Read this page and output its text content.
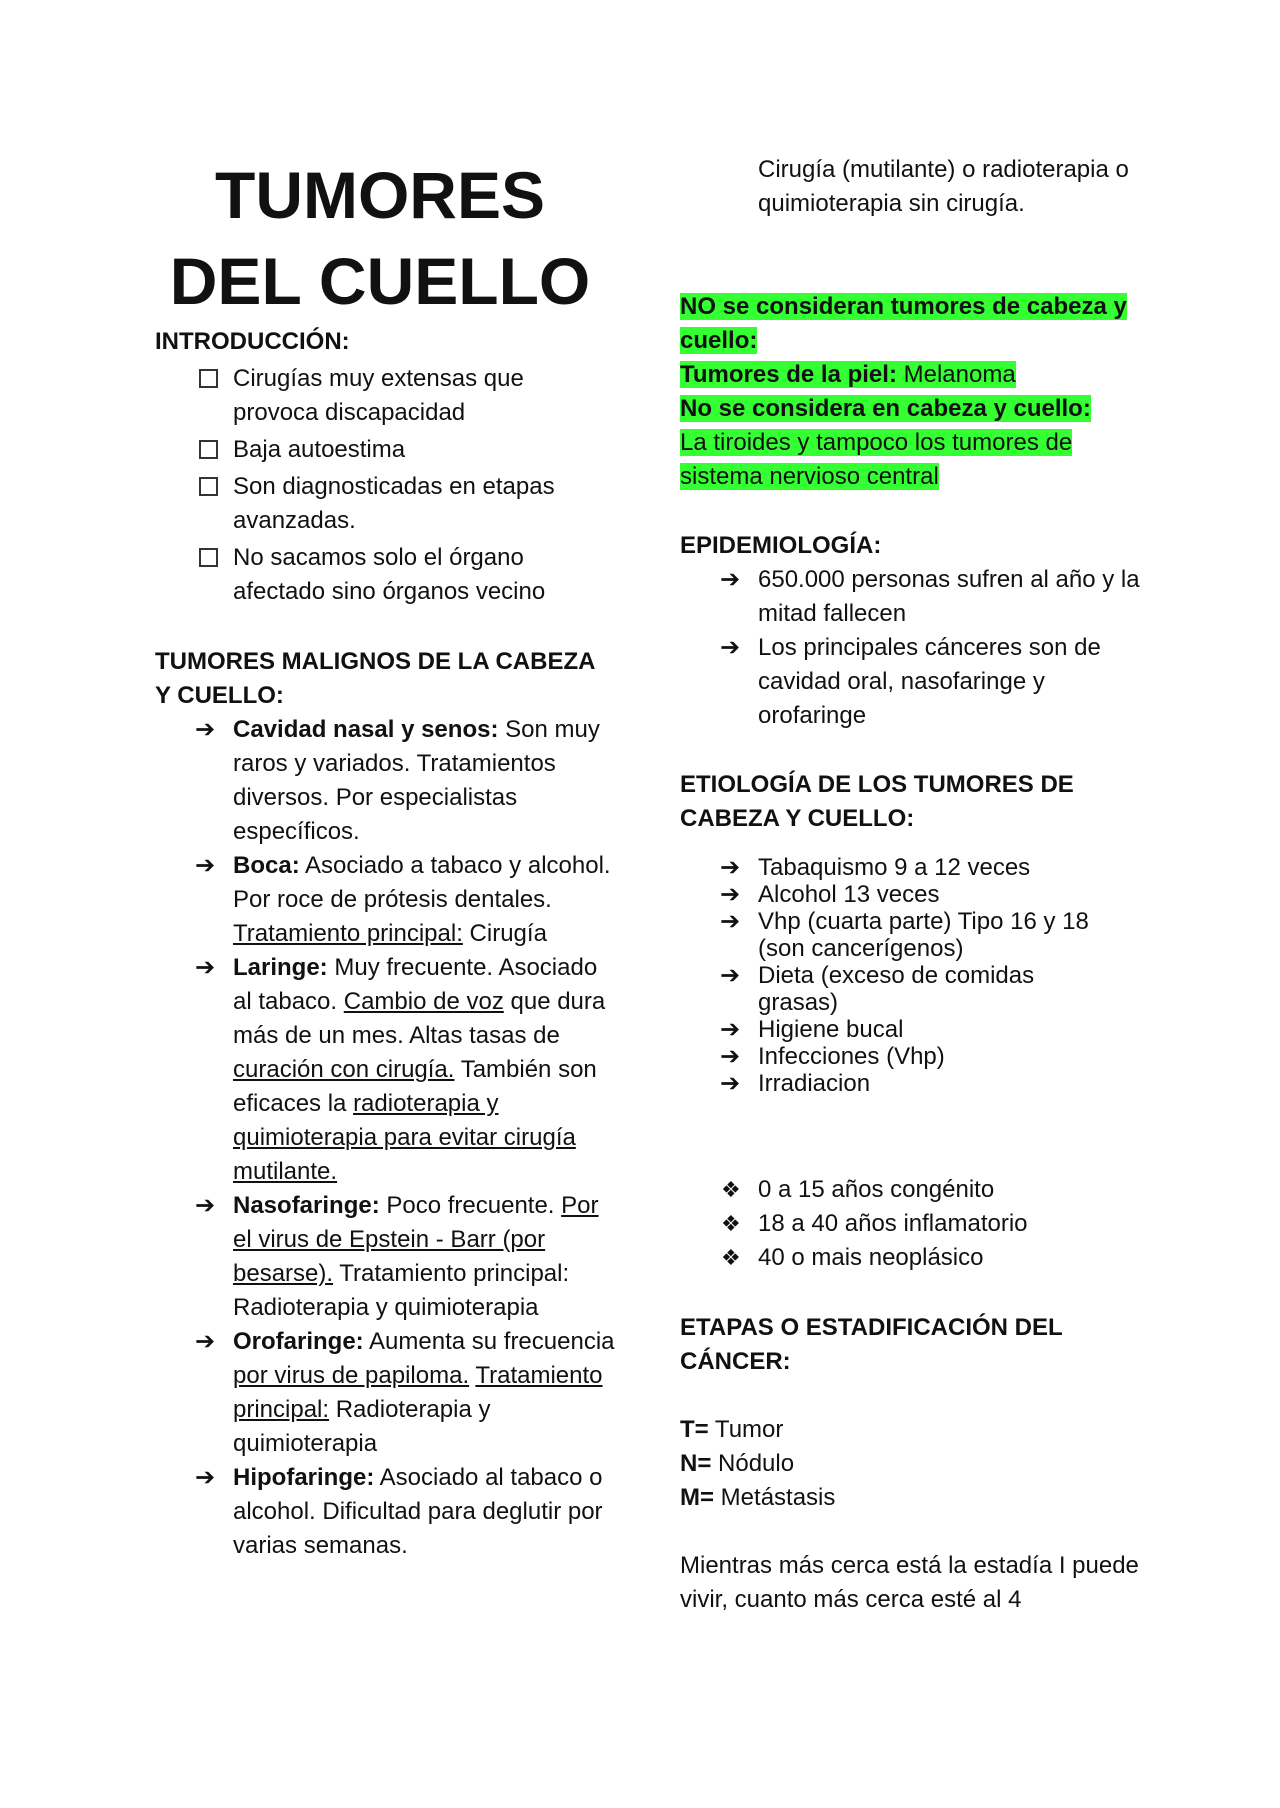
TUMORES
DEL CUELLO

INTRODUCCIÓN:

Cirugías muy extensas que provoca discapacidad
Baja autoestima
Son diagnosticadas en etapas avanzadas.
No sacamos solo el órgano afectado sino órganos vecino

TUMORES MALIGNOS DE LA CABEZA Y CUELLO:

➔ Cavidad nasal y senos: Son muy raros y variados. Tratamientos diversos. Por especialistas específicos.
➔ Boca: Asociado a tabaco y alcohol. Por roce de prótesis dentales. Tratamiento principal: Cirugía
➔ Laringe: Muy frecuente. Asociado al tabaco. Cambio de voz que dura más de un mes. Altas tasas de curación con cirugía. También son eficaces la radioterapia y quimioterapia para evitar cirugía mutilante.
➔ Nasofaringe: Poco frecuente. Por el virus de Epstein - Barr (por besarse). Tratamiento principal: Radioterapia y quimioterapia
➔ Orofaringe: Aumenta su frecuencia por virus de papiloma. Tratamiento principal: Radioterapia y quimioterapia
➔ Hipofaringe: Asociado al tabaco o alcohol. Dificultad para deglutir por varias semanas.
Cirugía (mutilante) o radioterapia o quimioterapia sin cirugía.
NO se consideran tumores de cabeza y cuello:
Tumores de la piel: Melanoma
No se considera en cabeza y cuello:
La tiroides y tampoco los tumores de sistema nervioso central

EPIDEMIOLOGÍA:

➔ 650.000 personas sufren al año y la mitad fallecen
➔ Los principales cánceres son de cavidad oral, nasofaringe y orofaringe

ETIOLOGÍA DE LOS TUMORES DE CABEZA Y CUELLO:

➔ Tabaquismo 9 a 12 veces
➔ Alcohol 13 veces
➔ Vhp (cuarta parte) Tipo 16 y 18 (son cancerígenos)
➔ Dieta (exceso de comidas grasas)
➔ Higiene bucal
➔ Infecciones (Vhp)
➔ Irradiacion
❖ 0 a 15 años congénito
❖ 18 a 40 años inflamatorio
❖ 40 o mais neoplásico

ETAPAS O ESTADIFICACIÓN DEL CÁNCER:

T= Tumor
N= Nódulo
M= Metástasis
Mientras más cerca está la estadía I puede vivir, cuanto más cerca esté al 4
